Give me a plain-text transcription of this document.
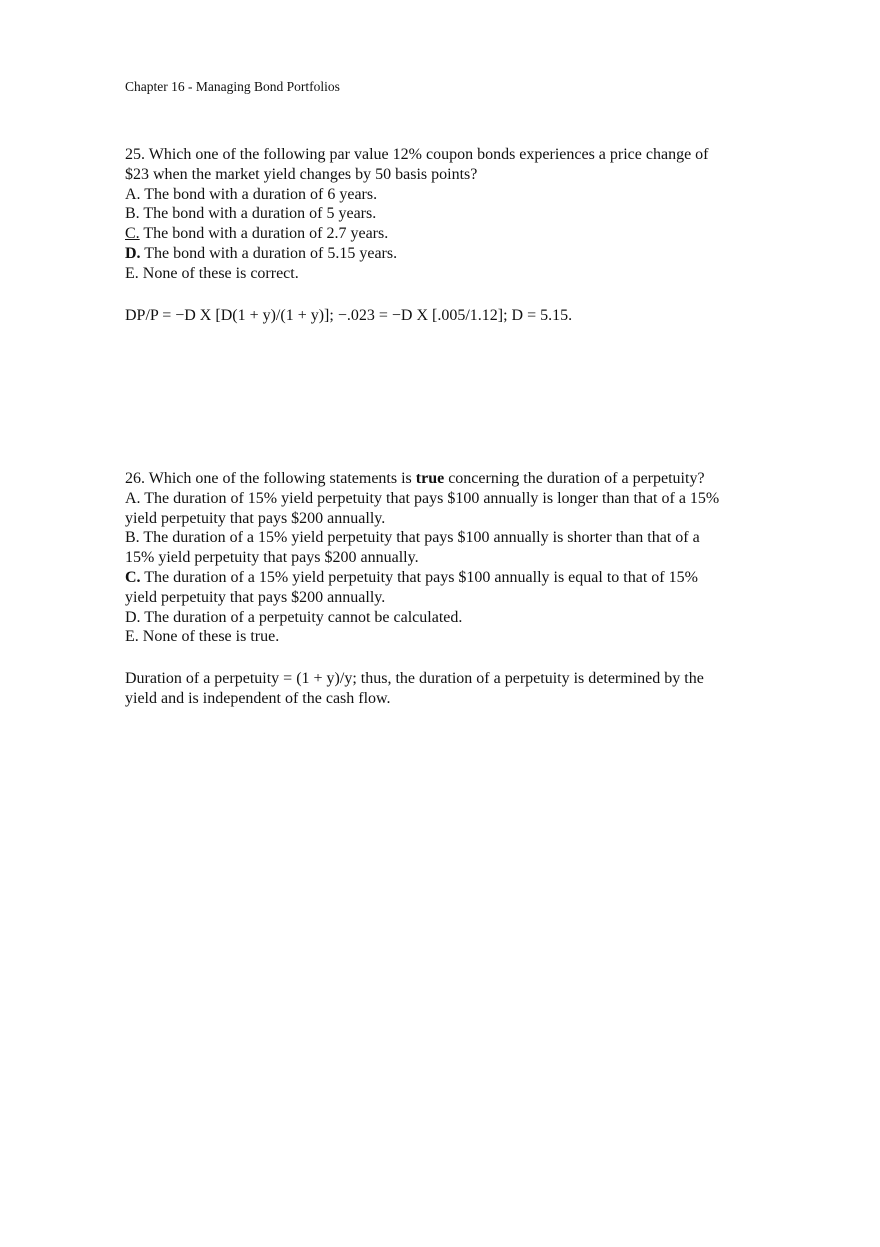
Chapter 16 - Managing Bond Portfolios

25. Which one of the following par value 12% coupon bonds experiences a price change of

$23 when the market yield changes by 50 basis points?

A. The bond with a duration of 6 years.

B. The bond with a duration of 5 years.

C. The bond with a duration of 2.7 years.

D. The bond with a duration of 5.15 years.

E. None of these is correct.

DP/P = −D X [D(1 + y)/(1 + y)]; −.023 = −D X [.005/1.12]; D = 5.15.

26. Which one of the following statements is true concerning the duration of a perpetuity?

A. The duration of 15% yield perpetuity that pays $100 annually is longer than that of a 15%

yield perpetuity that pays $200 annually.

B. The duration of a 15% yield perpetuity that pays $100 annually is shorter than that of a

15% yield perpetuity that pays $200 annually.

C. The duration of a 15% yield perpetuity that pays $100 annually is equal to that of 15%

yield perpetuity that pays $200 annually.

D. The duration of a perpetuity cannot be calculated.

E. None of these is true.

Duration of a perpetuity = (1 + y)/y; thus, the duration of a perpetuity is determined by the

yield and is independent of the cash flow.
